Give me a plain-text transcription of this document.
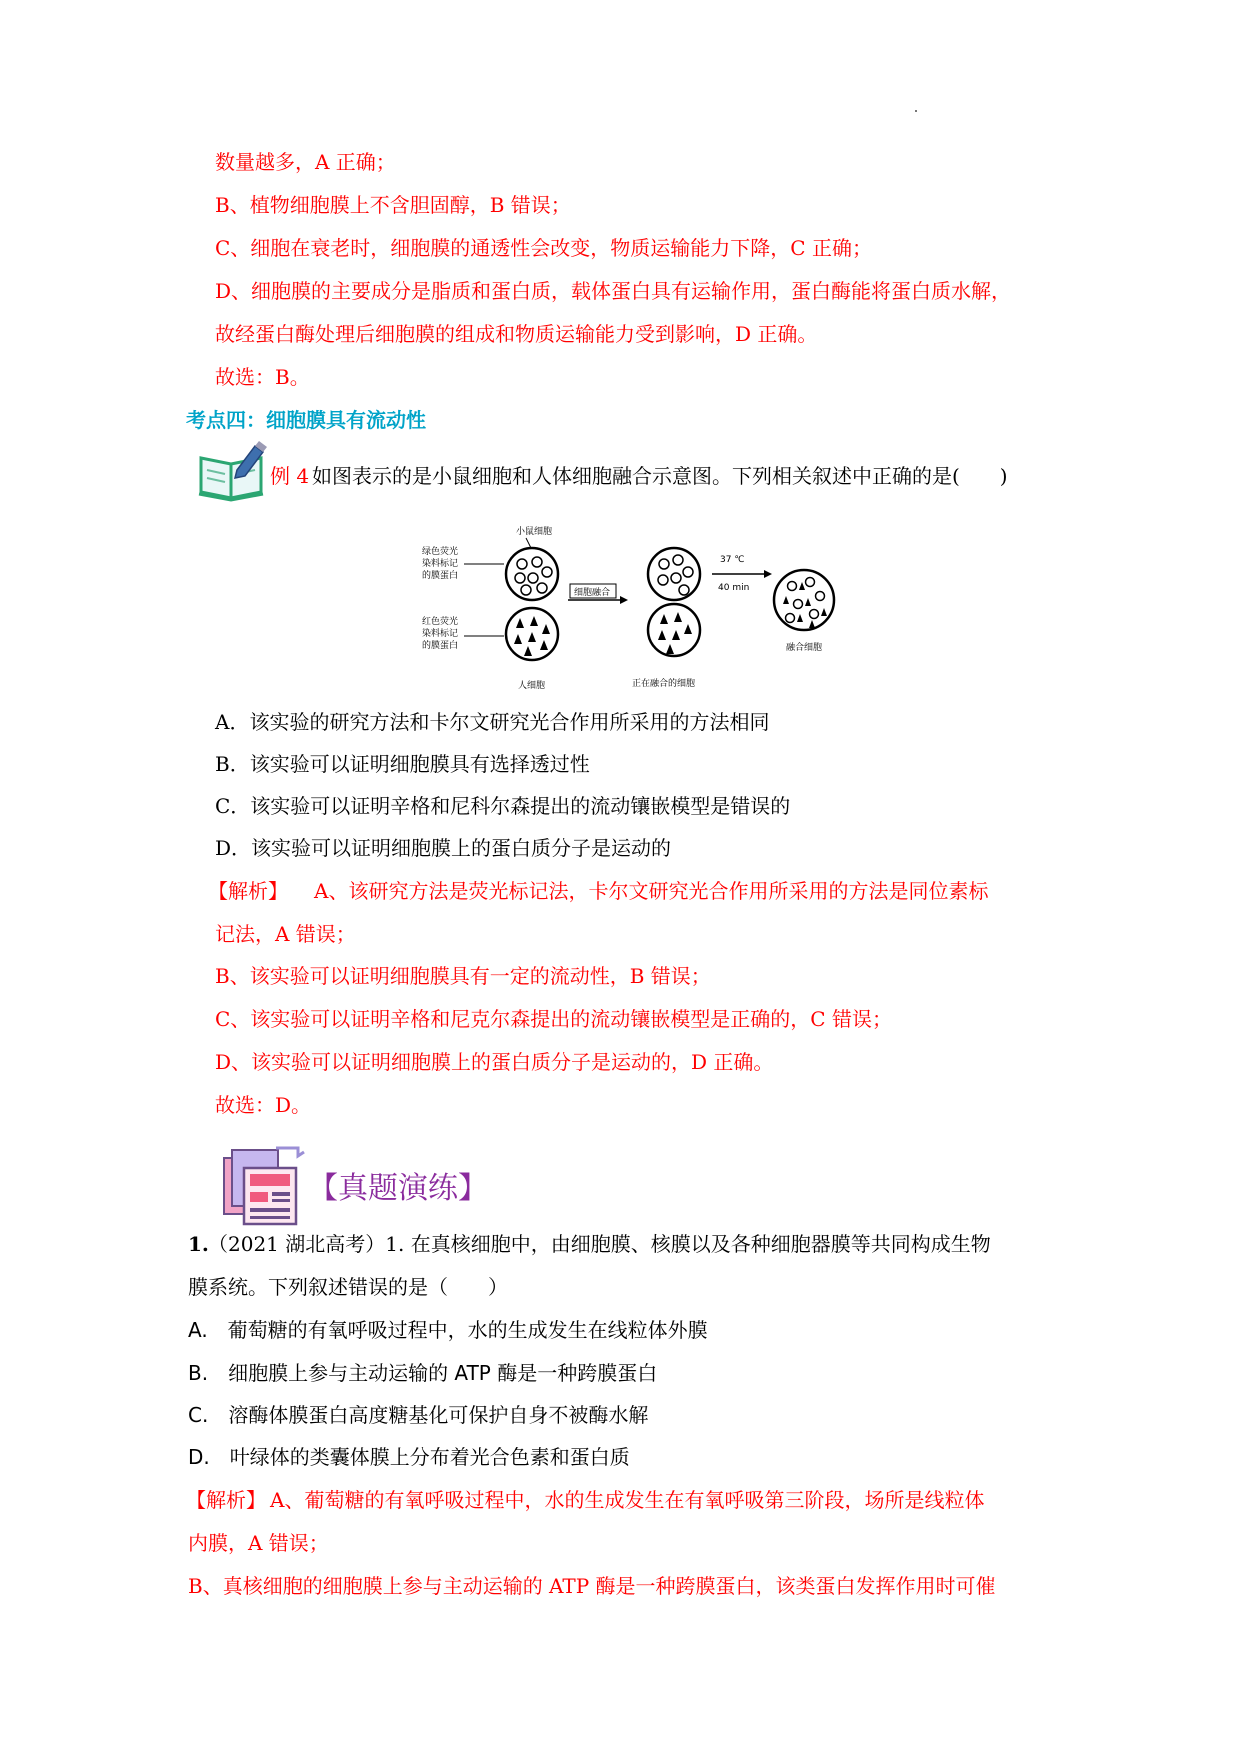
数量越多，A 正确；
B、植物细胞膜上不含胆固醇，B 错误；
C、细胞在衰老时，细胞膜的通透性会改变，物质运输能力下降，C 正确；
D、细胞膜的主要成分是脂质和蛋白质，载体蛋白具有运输作用，蛋白酶能将蛋白质水解，
故经蛋白酶处理后细胞膜的组成和物质运输能力受到影响，D 正确。
故选：B。
考点四：细胞膜具有流动性
例 4 如图表示的是小鼠细胞和人体细胞融合示意图。下列相关叙述中正确的是(　　)
小鼠细胞
绿色荧光
染料标记
的膜蛋白
红色荧光
染料标记
的膜蛋白
人细胞
细胞融合
正在融合的细胞
37 ℃
40 min
融合细胞
A．该实验的研究方法和卡尔文研究光合作用所采用的方法相同
B．该实验可以证明细胞膜具有选择透过性
C．该实验可以证明辛格和尼科尔森提出的流动镶嵌模型是错误的
D．该实验可以证明细胞膜上的蛋白质分子是运动的
【解析】 A、该研究方法是荧光标记法，卡尔文研究光合作用所采用的方法是同位素标
记法，A 错误；
B、该实验可以证明细胞膜具有一定的流动性，B 错误；
C、该实验可以证明辛格和尼克尔森提出的流动镶嵌模型是正确的，C 错误；
D、该实验可以证明细胞膜上的蛋白质分子是运动的，D 正确。
故选：D。
【真题演练】
1. （2021 湖北高考）1. 在真核细胞中，由细胞膜、核膜以及各种细胞器膜等共同构成生物
膜系统。下列叙述错误的是（　　）
A.　葡萄糖的有氧呼吸过程中，水的生成发生在线粒体外膜
B.　细胞膜上参与主动运输的 ATP 酶是一种跨膜蛋白
C.　溶酶体膜蛋白高度糖基化可保护自身不被酶水解
D.　叶绿体的类囊体膜上分布着光合色素和蛋白质
【解析】 A、葡萄糖的有氧呼吸过程中，水的生成发生在有氧呼吸第三阶段，场所是线粒体
内膜，A 错误；
B、真核细胞的细胞膜上参与主动运输的 ATP 酶是一种跨膜蛋白，该类蛋白发挥作用时可催
